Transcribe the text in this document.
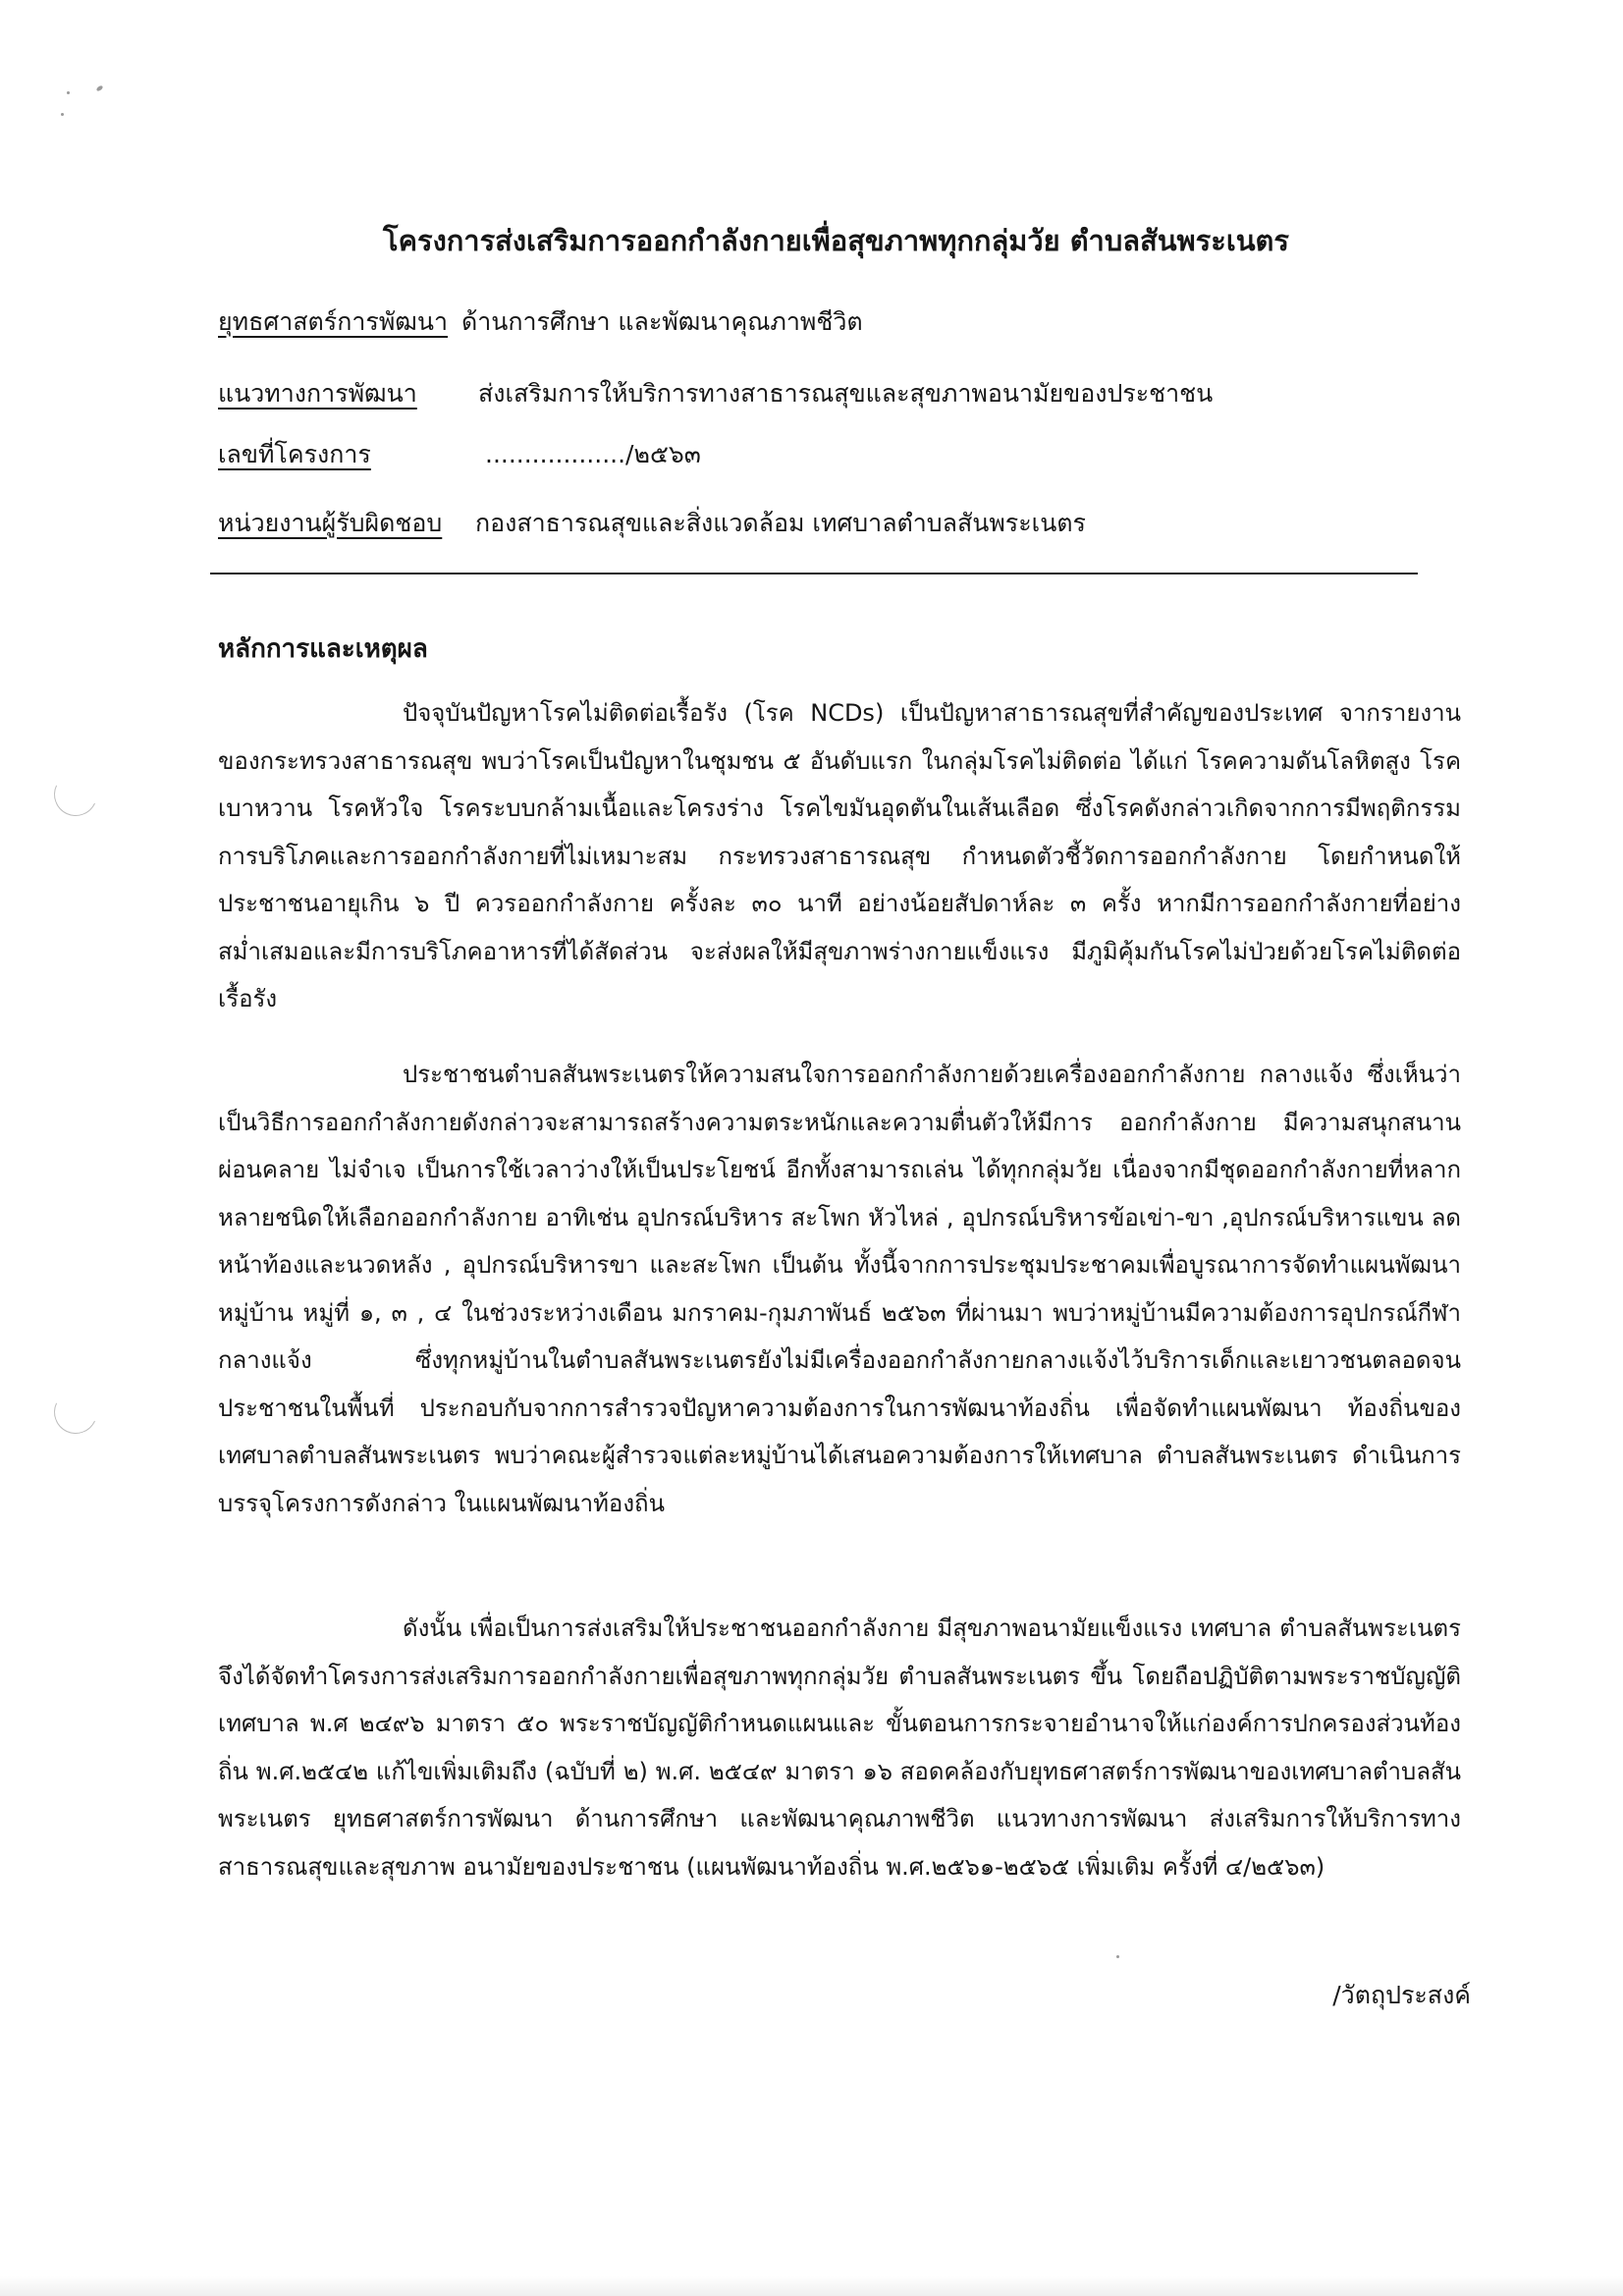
โครงการส่งเสริมการออกกำลังกายเพื่อสุขภาพทุกกลุ่มวัย ตำบลสันพระเนตร
ยุทธศาสตร์การพัฒนา ด้านการศึกษา และพัฒนาคุณภาพชีวิต
แนวทางการพัฒนา ส่งเสริมการให้บริการทางสาธารณสุขและสุขภาพอนามัยของประชาชน
เลขที่โครงการ	................../๒๕๖๓
หน่วยงานผู้รับผิดชอบ กองสาธารณสุขและสิ่งแวดล้อม เทศบาลตำบลสันพระเนตร
หลักการและเหตุผล

ปัจจุบันปัญหาโรคไม่ติดต่อเรื้อรัง (โรค NCDs) เป็นปัญหาสาธารณสุขที่สำคัญของประเทศ จากรายงานของกระทรวงสาธารณสุข พบว่าโรคเป็นปัญหาในชุมชน ๕ อันดับแรก ในกลุ่มโรคไม่ติดต่อ ได้แก่ โรคความดันโลหิตสูง โรคเบาหวาน โรคหัวใจ โรคระบบกล้ามเนื้อและโครงร่าง โรคไขมันอุดตันในเส้นเลือด ซึ่งโรคดังกล่าวเกิดจากการมีพฤติกรรมการบริโภคและการออกกำลังกายที่ไม่เหมาะสม กระทรวงสาธารณสุข กำหนดตัวชี้วัดการออกกำลังกาย โดยกำหนดให้ประชาชนอายุเกิน ๖ ปี ควรออกกำลังกาย ครั้งละ ๓๐ นาที อย่างน้อยสัปดาห์ละ ๓ ครั้ง หากมีการออกกำลังกายที่อย่างสม่ำเสมอและมีการบริโภคอาหารที่ได้สัดส่วน จะส่งผลให้มีสุขภาพร่างกายแข็งแรง มีภูมิคุ้มกันโรคไม่ป่วยด้วยโรคไม่ติดต่อเรื้อรัง

ประชาชนตำบลสันพระเนตรให้ความสนใจการออกกำลังกายด้วยเครื่องออกกำลังกาย กลางแจ้ง ซึ่งเห็นว่าเป็นวิธีการออกกำลังกายดังกล่าวจะสามารถสร้างความตระหนักและความตื่นตัวให้มีการ ออกกำลังกาย มีความสนุกสนาน ผ่อนคลาย ไม่จำเจ เป็นการใช้เวลาว่างให้เป็นประโยชน์ อีกทั้งสามารถเล่น ได้ทุกกลุ่มวัย เนื่องจากมีชุดออกกำลังกายที่หลากหลายชนิดให้เลือกออกกำลังกาย อาทิเช่น อุปกรณ์บริหาร สะโพก หัวไหล่ , อุปกรณ์บริหารข้อเข่า-ขา ,อุปกรณ์บริหารแขน ลดหน้าท้องและนวดหลัง , อุปกรณ์บริหารขา และสะโพก เป็นต้น ทั้งนี้จากการประชุมประชาคมเพื่อบูรณาการจัดทำแผนพัฒนาหมู่บ้าน หมู่ที่ ๑, ๓ , ๔ ในช่วงระหว่างเดือน มกราคม-กุมภาพันธ์ ๒๕๖๓ ที่ผ่านมา พบว่าหมู่บ้านมีความต้องการอุปกรณ์กีฬากลางแจ้ง ซึ่งทุกหมู่บ้านในตำบลสันพระเนตรยังไม่มีเครื่องออกกำลังกายกลางแจ้งไว้บริการเด็กและเยาวชนตลอดจน ประชาชนในพื้นที่ ประกอบกับจากการสำรวจปัญหาความต้องการในการพัฒนาท้องถิ่น เพื่อจัดทำแผนพัฒนา ท้องถิ่นของเทศบาลตำบลสันพระเนตร พบว่าคณะผู้สำรวจแต่ละหมู่บ้านได้เสนอความต้องการให้เทศบาล ตำบลสันพระเนตร ดำเนินการบรรจุโครงการดังกล่าว ในแผนพัฒนาท้องถิ่น

ดังนั้น เพื่อเป็นการส่งเสริมให้ประชาชนออกกำลังกาย มีสุขภาพอนามัยแข็งแรง เทศบาล ตำบลสันพระเนตร จึงได้จัดทำโครงการส่งเสริมการออกกำลังกายเพื่อสุขภาพทุกกลุ่มวัย ตำบลสันพระเนตร ขึ้น โดยถือปฏิบัติตามพระราชบัญญัติเทศบาล พ.ศ ๒๔๙๖ มาตรา ๕๐ พระราชบัญญัติกำหนดแผนและ ขั้นตอนการกระจายอำนาจให้แก่องค์การปกครองส่วนท้องถิ่น พ.ศ.๒๕๔๒ แก้ไขเพิ่มเติมถึง (ฉบับที่ ๒) พ.ศ. ๒๕๔๙ มาตรา ๑๖ สอดคล้องกับยุทธศาสตร์การพัฒนาของเทศบาลตำบลสันพระเนตร ยุทธศาสตร์การพัฒนา ด้านการศึกษา และพัฒนาคุณภาพชีวิต แนวทางการพัฒนา ส่งเสริมการให้บริการทางสาธารณสุขและสุขภาพ อนามัยของประชาชน (แผนพัฒนาท้องถิ่น พ.ศ.๒๕๖๑-๒๕๖๕ เพิ่มเติม ครั้งที่ ๔/๒๕๖๓)

/วัตถุประสงค์
